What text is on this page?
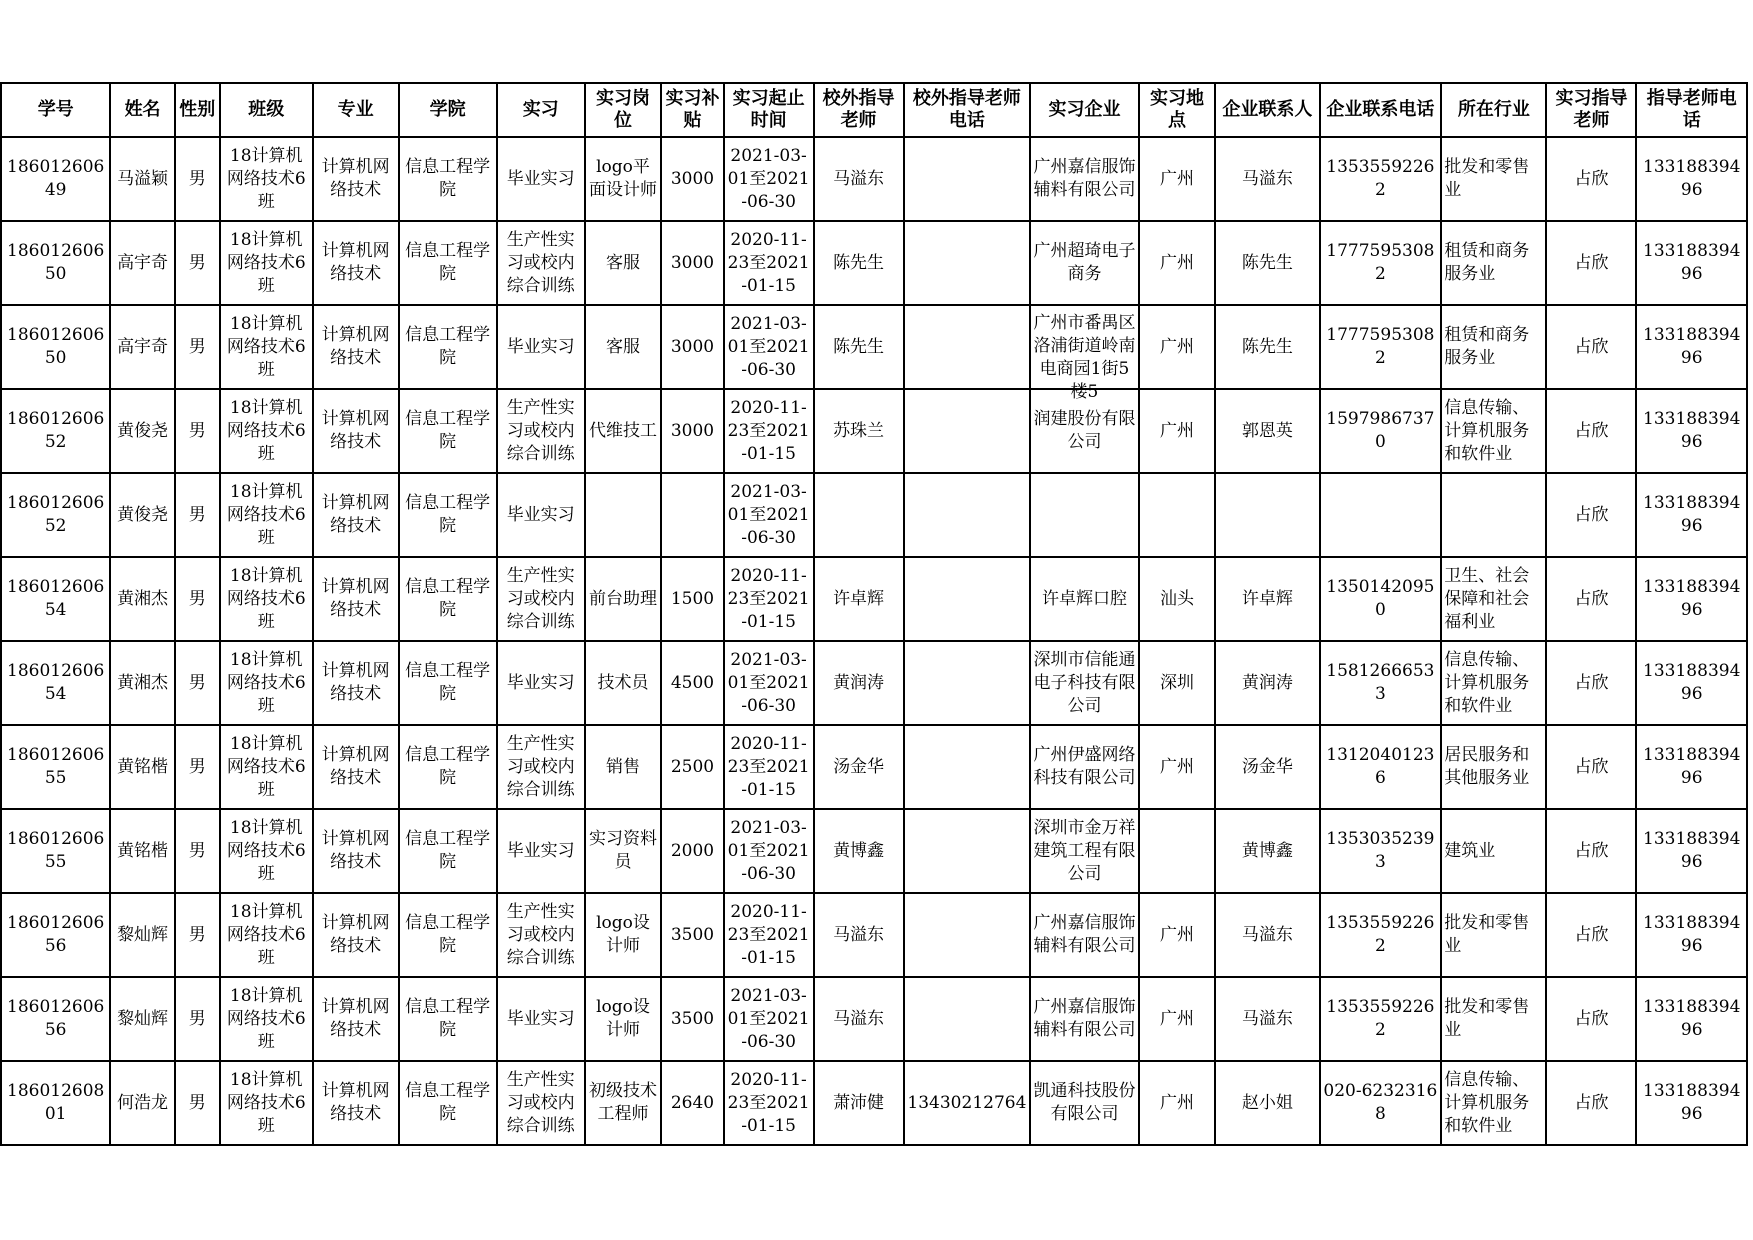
学号	姓名	性别	班级	专业	学院	实习	实习岗位	实习补贴	实习起止时间	校外指导老师	校外指导老师电话	实习企业	实习地点	企业联系人	企业联系电话	所在行业	实习指导老师	指导老师电话

18601260649	马溢颖	男	18计算机网络技术6班	计算机网络技术	信息工程学院	毕业实习	logo平面设计师	3000	2021-03-01至2021-06-30	马溢东		广州嘉信服饰辅料有限公司	广州	马溢东	13535592262	批发和零售业	占欣	13318839496

18601260650	高宇奇	男	18计算机网络技术6班	计算机网络技术	信息工程学院	生产性实习或校内综合训练	客服	3000	2020-11-23至2021-01-15	陈先生		广州超琦电子商务	广州	陈先生	17775953082	租赁和商务服务业	占欣	13318839496

18601260650	高宇奇	男	18计算机网络技术6班	计算机网络技术	信息工程学院	毕业实习	客服	3000	2021-03-01至2021-06-30	陈先生		广州市番禺区洛浦街道岭南电商园1街5楼5	广州	陈先生	17775953082	租赁和商务服务业	占欣	13318839496

18601260652	黄俊尧	男	18计算机网络技术6班	计算机网络技术	信息工程学院	生产性实习或校内综合训练	代维技工	3000	2020-11-23至2021-01-15	苏珠兰		润建股份有限公司	广州	郭恩英	15979867370	信息传输、计算机服务和软件业	占欣	13318839496

18601260652	黄俊尧	男	18计算机网络技术6班	计算机网络技术	信息工程学院	毕业实习			2021-03-01至2021-06-30								占欣	13318839496

18601260654	黄湘杰	男	18计算机网络技术6班	计算机网络技术	信息工程学院	生产性实习或校内综合训练	前台助理	1500	2020-11-23至2021-01-15	许卓辉		许卓辉口腔	汕头	许卓辉	13501420950	卫生、社会保障和社会福利业	占欣	13318839496

18601260654	黄湘杰	男	18计算机网络技术6班	计算机网络技术	信息工程学院	毕业实习	技术员	4500	2021-03-01至2021-06-30	黄润涛		深圳市信能通电子科技有限公司	深圳	黄润涛	15812666533	信息传输、计算机服务和软件业	占欣	13318839496

18601260655	黄铭楷	男	18计算机网络技术6班	计算机网络技术	信息工程学院	生产性实习或校内综合训练	销售	2500	2020-11-23至2021-01-15	汤金华		广州伊盛网络科技有限公司	广州	汤金华	13120401236	居民服务和其他服务业	占欣	13318839496

18601260655	黄铭楷	男	18计算机网络技术6班	计算机网络技术	信息工程学院	毕业实习	实习资料员	2000	2021-03-01至2021-06-30	黄博鑫		深圳市金万祥建筑工程有限公司		黄博鑫	13530352393	建筑业	占欣	13318839496

18601260656	黎灿辉	男	18计算机网络技术6班	计算机网络技术	信息工程学院	生产性实习或校内综合训练	logo设计师	3500	2020-11-23至2021-01-15	马溢东		广州嘉信服饰辅料有限公司	广州	马溢东	13535592262	批发和零售业	占欣	13318839496

18601260656	黎灿辉	男	18计算机网络技术6班	计算机网络技术	信息工程学院	毕业实习	logo设计师	3500	2021-03-01至2021-06-30	马溢东		广州嘉信服饰辅料有限公司	广州	马溢东	13535592262	批发和零售业	占欣	13318839496

18601260801	何浩龙	男	18计算机网络技术6班	计算机网络技术	信息工程学院	生产性实习或校内综合训练	初级技术工程师	2640	2020-11-23至2021-01-15	萧沛健	13430212764	凯通科技股份有限公司	广州	赵小姐	020-62323168	信息传输、计算机服务和软件业	占欣	13318839496
